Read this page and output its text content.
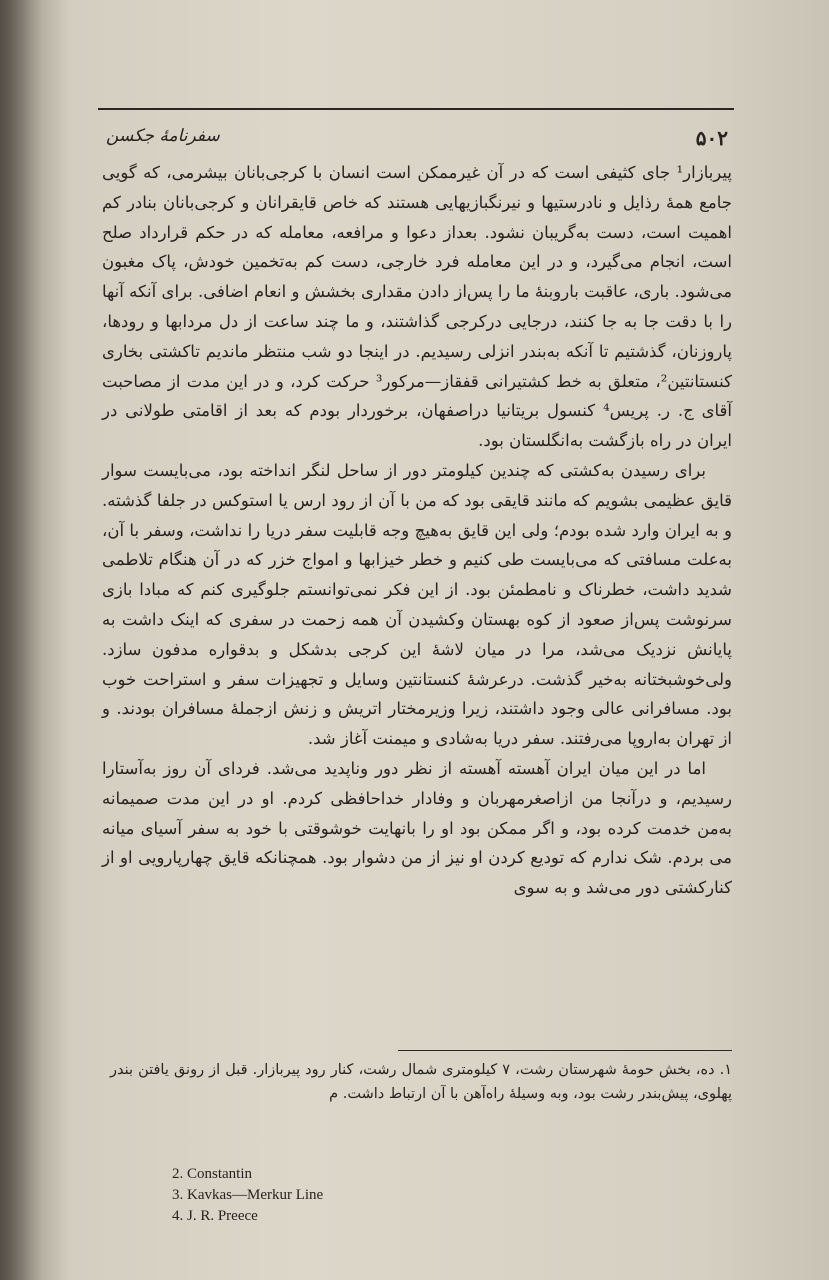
۵۰۲
سفرنامهٔ جکسن

پیربازار¹ جای کثیفی است که در آن غیرممکن است انسان با کرجی‌بانان بیشرمی، که گویی جامع همهٔ رذایل و نادرستیها و نیرنگبازیهایی هستند که خاص قایقرانان و کرجی‌بانان بنادر کم اهمیت است، دست به‌گریبان نشود. بعداز دعوا و مرافعه، معامله که در حکم قرارداد صلح است، انجام می‌گیرد، و در این معامله فرد خارجی، دست کم به‌تخمین خودش، پاک مغبون می‌شود. باری، عاقبت باروبنهٔ ما را پس‌از دادن مقداری بخشش و انعام اضافی. برای آنکه آنها را با دقت جا به جا کنند، درجایی درکرجی گذاشتند، و ما چند ساعت از دل مردابها و رودها، پاروزنان، گذشتیم تا آنکه به‌بندر انزلی رسیدیم. در اینجا دو شب منتظر ماندیم تاکشتی بخاری کنستانتین²، متعلق به خط کشتیرانی قفقاز—مرکور³ حرکت کرد، و در این مدت از مصاحبت آقای ج. ر. پریس⁴ کنسول بریتانیا دراصفهان، برخوردار بودم که بعد از اقامتی طولانی در ایران در راه بازگشت به‌انگلستان بود.

برای رسیدن به‌کشتی که چندین کیلومتر دور از ساحل لنگر انداخته بود، می‌بایست سوار قایق عظیمی بشویم که مانند قایقی بود که من با آن از رود ارس یا استوکس در جلفا گذشته. و به ایران وارد شده بودم؛ ولی این قایق به‌هیچ وجه قابلیت سفر دریا را نداشت، وسفر با آن، به‌علت مسافتی که می‌بایست طی کنیم و خطر خیزابها و امواج خزر که در آن هنگام تلاطمی شدید داشت، خطرناک و نامطمئن بود. از این فکر نمی‌توانستم جلوگیری کنم که مبادا بازی سرنوشت پس‌از صعود از کوه بهستان وکشیدن آن همه زحمت در سفری که اینک داشت به پایانش نزدیک می‌شد، مرا در میان لاشهٔ این کرجی بدشکل و بدقواره مدفون سازد. ولی‌خوشبختانه به‌خیر گذشت. درعرشهٔ کنستانتین وسایل و تجهیزات سفر و استراحت خوب بود. مسافرانی عالی وجود داشتند، زیرا وزیرمختار اتریش و زنش ازجملهٔ مسافران بودند. و از تهران به‌اروپا می‌رفتند. سفر دریا به‌شادی و میمنت آغاز شد.

اما در این میان ایران آهسته آهسته از نظر دور وناپدید می‌شد. فردای آن روز به‌آستارا رسیدیم، و درآنجا من ازاصغرمهربان و وفادار خداحافظی کردم. او در این مدت صمیمانه به‌من خدمت کرده بود، و اگر ممکن بود او را بانهایت خوشوقتی با خود به سفر آسیای میانه می بردم. شک ندارم که تودیع کردن او نیز از من دشوار بود. همچنانکه قایق چهارپارویی او از کنارکشتی دور می‌شد و به سوی

۱. ده، بخش حومهٔ شهرستان رشت، ۷ کیلومتری شمال رشت، کنار رود پیربازار. قبل از رونق یافتن بندر پهلوی، پیش‌بندر رشت بود، وبه وسیلهٔ راه‌آهن با آن ارتباط داشت. م
2. Constantin
3. Kavkas—Merkur Line
4. J. R. Preece
